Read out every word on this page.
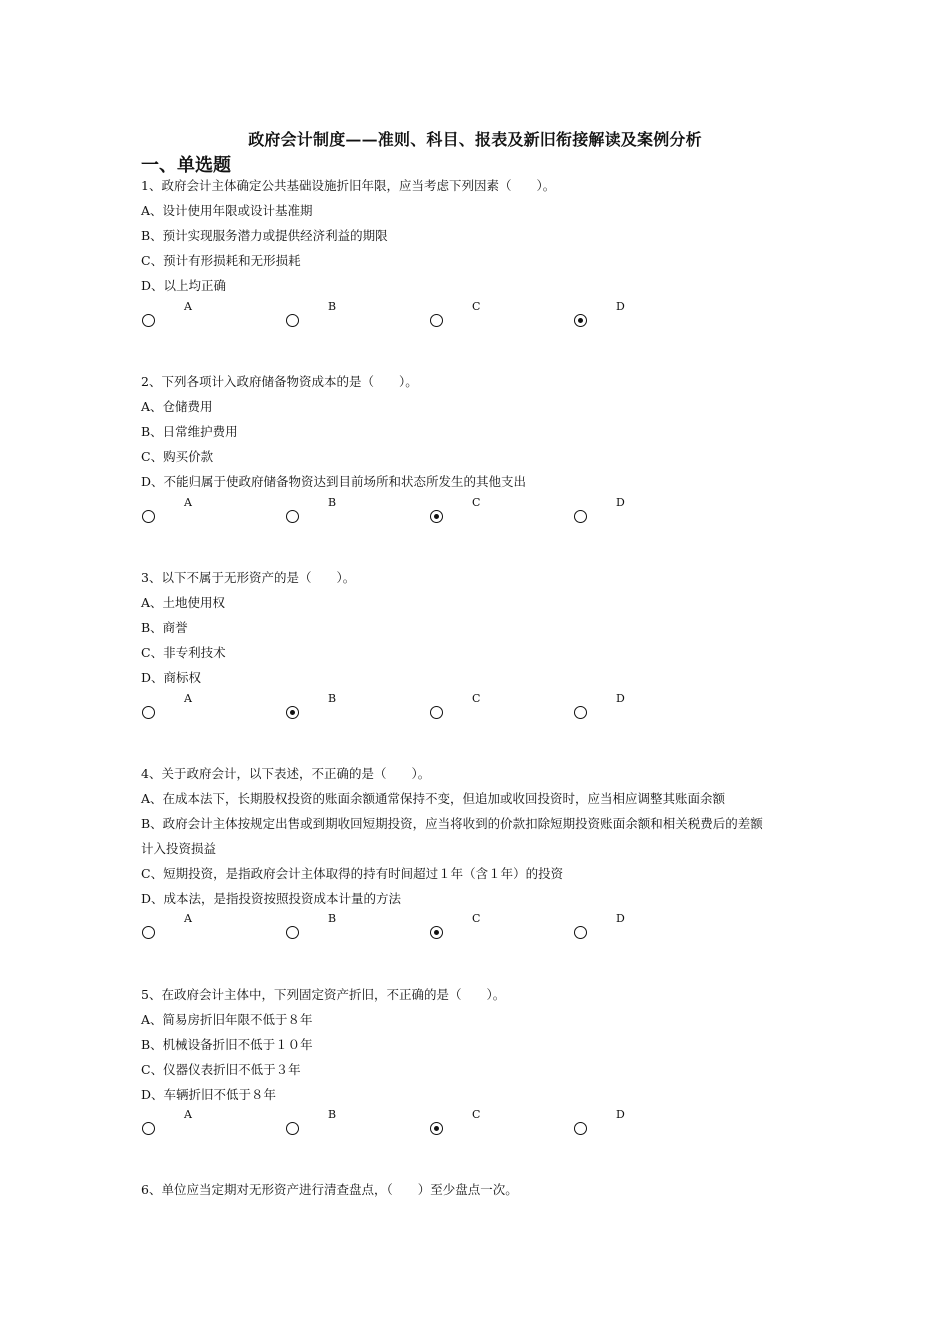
政府会计制度——准则、科目、报表及新旧衔接解读及案例分析
一、单选题
1、政府会计主体确定公共基础设施折旧年限，应当考虑下列因素（　　）。
A、设计使用年限或设计基准期
B、预计实现服务潜力或提供经济利益的期限
C、预计有形损耗和无形损耗
D、以上均正确
A	B	C	D
2、下列各项计入政府储备物资成本的是（　　）。
A、仓储费用
B、日常维护费用
C、购买价款
D、不能归属于使政府储备物资达到目前场所和状态所发生的其他支出
A	B	C	D
3、以下不属于无形资产的是（　　）。
A、土地使用权
B、商誉
C、非专利技术
D、商标权
A	B	C	D
4、关于政府会计，以下表述，不正确的是（　　）。
A、在成本法下，长期股权投资的账面余额通常保持不变，但追加或收回投资时，应当相应调整其账面余额
B、政府会计主体按规定出售或到期收回短期投资，应当将收到的价款扣除短期投资账面余额和相关税费后的差额
计入投资损益
C、短期投资，是指政府会计主体取得的持有时间超过１年（含１年）的投资
D、成本法，是指投资按照投资成本计量的方法
A	B	C	D
5、在政府会计主体中，下列固定资产折旧，不正确的是（　　）。
A、简易房折旧年限不低于８年
B、机械设备折旧不低于１０年
C、仪器仪表折旧不低于３年
D、车辆折旧不低于８年
A	B	C	D
6、单位应当定期对无形资产进行清查盘点，（　　）至少盘点一次。
